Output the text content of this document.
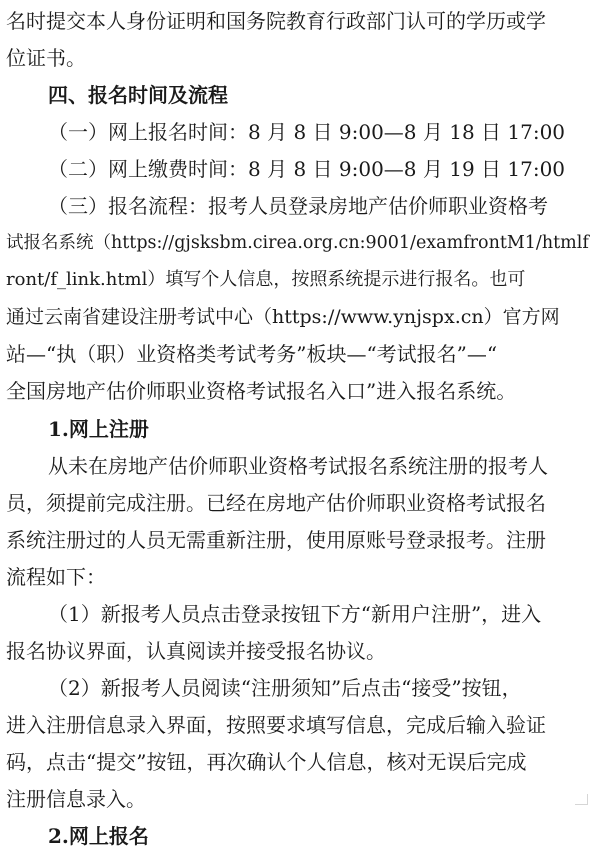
名时提交本人身份证明和国务院教育行政部门认可的学历或学
位证书。
四、报名时间及流程
（一）网上报名时间：8 月 8 日 9:00—8 月 18 日 17:00
（二）网上缴费时间：8 月 8 日 9:00—8 月 19 日 17:00
（三）报名流程：报考人员登录房地产估价师职业资格考
试报名系统（https://gjsksbm.cirea.org.cn:9001/examfrontM1/htmlf
ront/f_link.html）填写个人信息，按照系统提示进行报名。也可
通过云南省建设注册考试中心（https://www.ynjspx.cn）官方网
站—“执（职）业资格类考试考务”板块—“考试报名”—“
全国房地产估价师职业资格考试报名入口”进入报名系统。
1.网上注册
从未在房地产估价师职业资格考试报名系统注册的报考人
员，须提前完成注册。已经在房地产估价师职业资格考试报名
系统注册过的人员无需重新注册，使用原账号登录报考。注册
流程如下：
（1）新报考人员点击登录按钮下方“新用户注册”，进入
报名协议界面，认真阅读并接受报名协议。
（2）新报考人员阅读“注册须知”后点击“接受”按钮，
进入注册信息录入界面，按照要求填写信息，完成后输入验证
码，点击“提交”按钮，再次确认个人信息，核对无误后完成
注册信息录入。
2.网上报名
